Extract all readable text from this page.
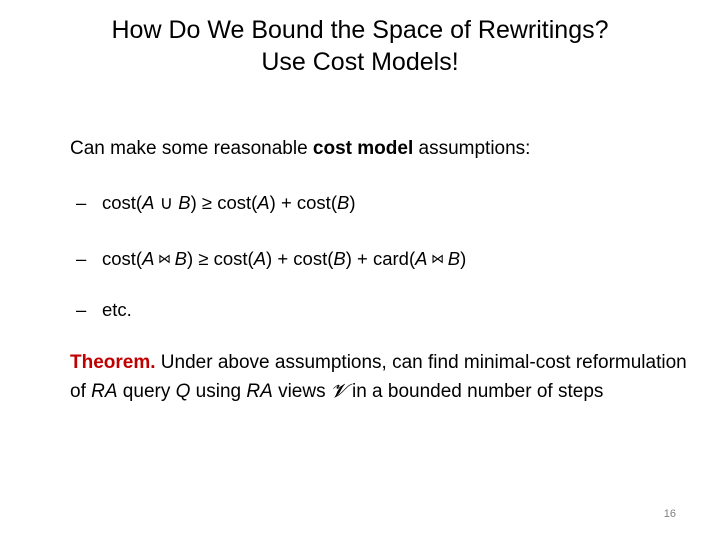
How Do We Bound the Space of Rewritings?
Use Cost Models!
Can make some reasonable cost model assumptions:
– cost(A ∪ B) ≥ cost(A) + cost(B)
– cost(A ⋈ B) ≥ cost(A) + cost(B) + card(A ⋈ B)
– etc.
Theorem. Under above assumptions, can find minimal-cost reformulation of RA query Q using RA views 𝓥 in a bounded number of steps
16
